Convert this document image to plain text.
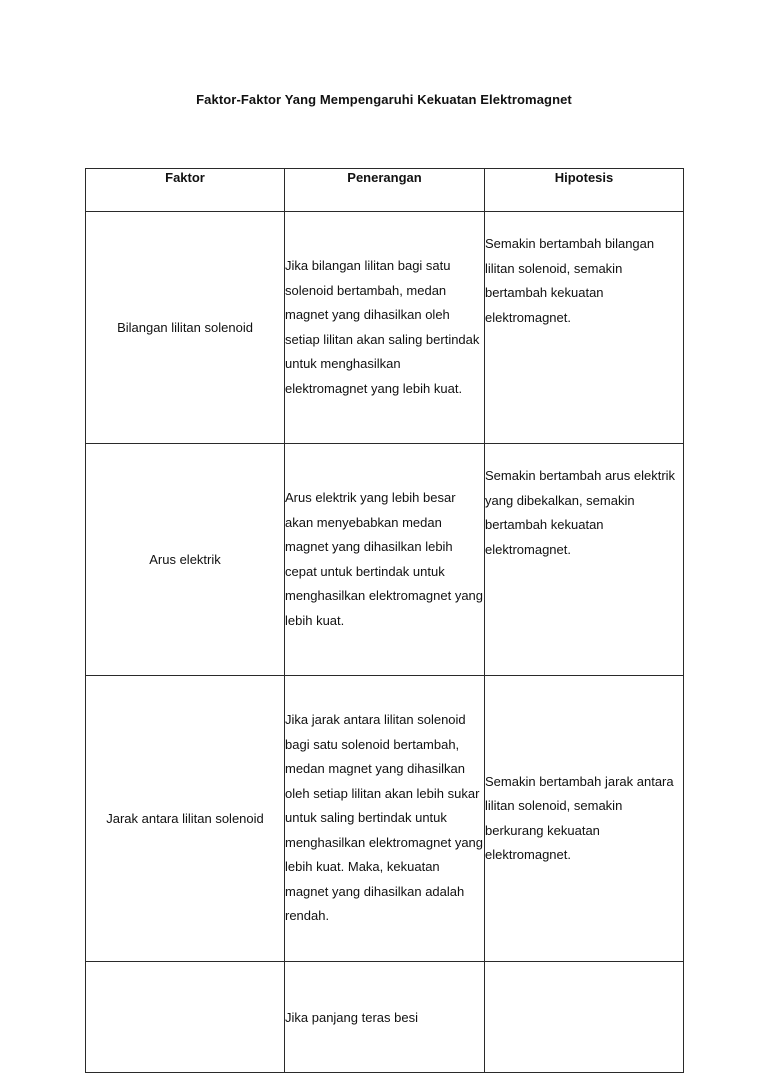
Faktor-Faktor Yang Mempengaruhi Kekuatan Elektromagnet
Faktor	Penerangan	Hipotesis
Bilangan lilitan solenoid	Jika bilangan lilitan bagi satu solenoid bertambah, medan magnet yang dihasilkan oleh setiap lilitan akan saling bertindak untuk menghasilkan elektromagnet yang lebih kuat.	Semakin bertambah bilangan lilitan solenoid, semakin bertambah kekuatan elektromagnet.
Arus elektrik	Arus elektrik yang lebih besar akan menyebabkan medan magnet yang dihasilkan lebih cepat untuk bertindak untuk menghasilkan elektromagnet yang lebih kuat.	Semakin bertambah arus elektrik yang dibekalkan, semakin bertambah kekuatan elektromagnet.
Jarak antara lilitan solenoid	Jika jarak antara lilitan solenoid bagi satu solenoid bertambah, medan magnet yang dihasilkan oleh setiap lilitan akan lebih sukar untuk saling bertindak untuk menghasilkan elektromagnet yang lebih kuat. Maka, kekuatan magnet yang dihasilkan adalah rendah.	Semakin bertambah jarak antara lilitan solenoid, semakin berkurang kekuatan elektromagnet.
	Jika panjang teras besi	
